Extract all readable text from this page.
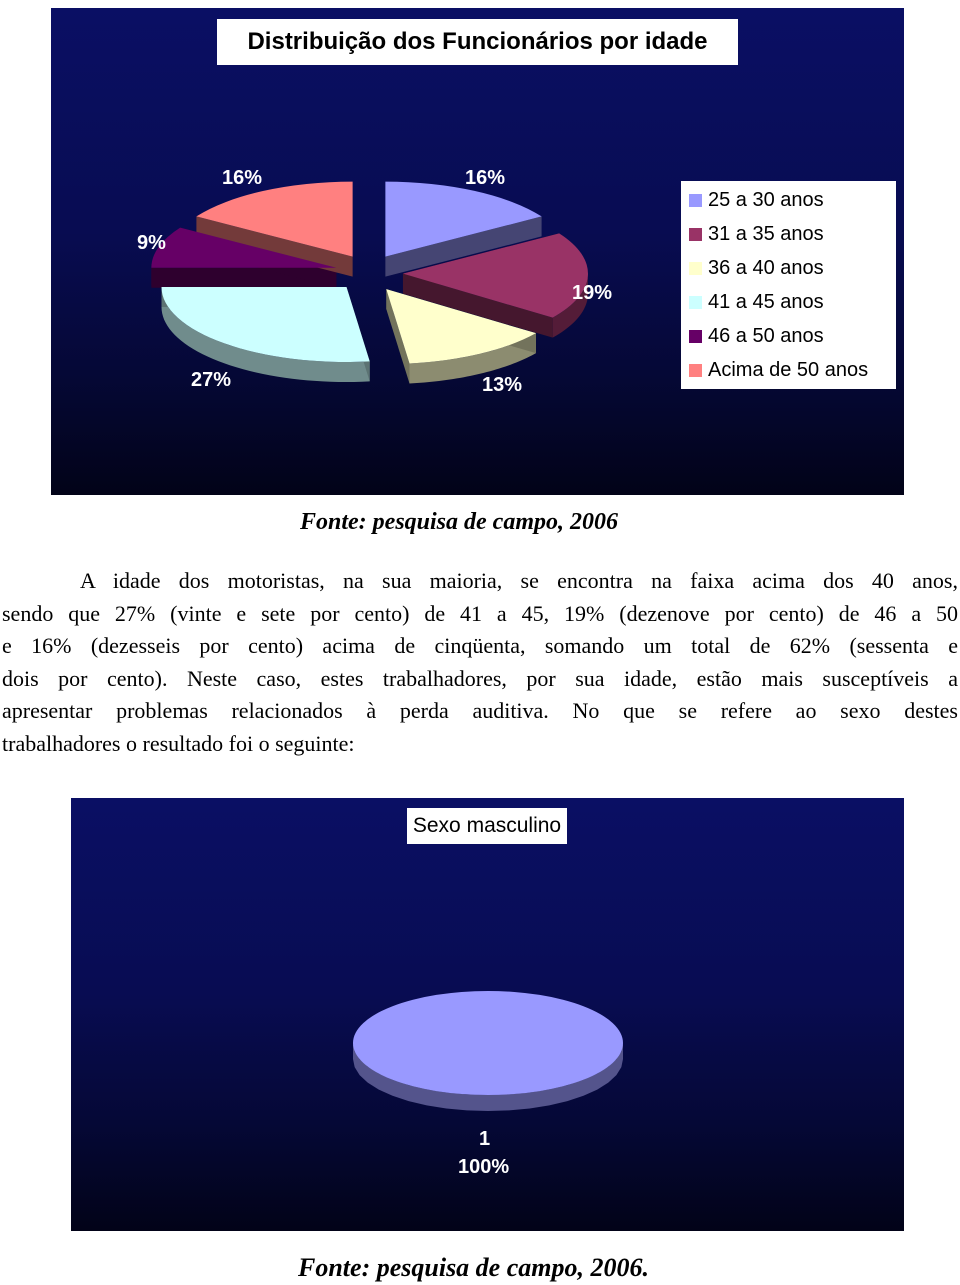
Distribuição dos Funcionários por idade
16%
19%
13%
27%
9%
16%
25 a 30 anos
31 a 35 anos
36 a 40 anos
41 a 45 anos
46 a 50 anos
Acima de 50 anos
Fonte: pesquisa de campo, 2006
A idade dos motoristas, na sua maioria, se encontra na faixa acima dos 40 anos,
sendo que 27% (vinte e sete por cento) de 41 a 45, 19% (dezenove por cento) de 46 a 50
e 16% (dezesseis por cento) acima de cinqüenta, somando um total de 62% (sessenta e
dois por cento). Neste caso, estes trabalhadores, por sua idade, estão mais susceptíveis a
apresentar problemas relacionados à perda auditiva. No que se refere ao sexo destes
trabalhadores o resultado foi o seguinte:
Sexo masculino
1
100%
Fonte: pesquisa de campo, 2006.
